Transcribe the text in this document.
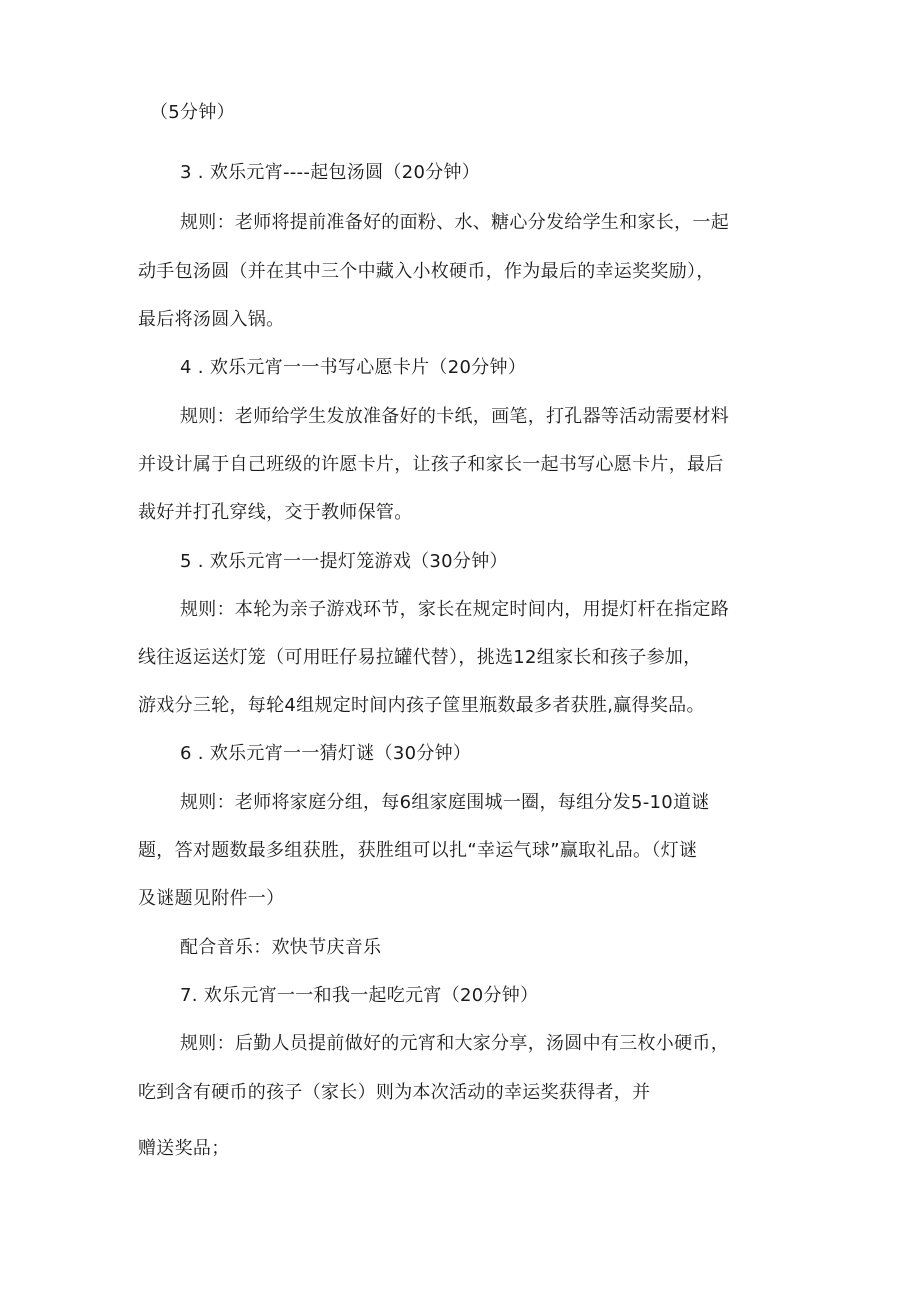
（5分钟）
3 . 欢乐元宵----起包汤圆（20分钟）
规则：老师将提前准备好的面粉、水、糖心分发给学生和家长，一起
动手包汤圆（并在其中三个中藏入小枚硬币，作为最后的幸运奖奖励），
最后将汤圆入锅。
4 . 欢乐元宵一一书写心愿卡片（20分钟）
规则：老师给学生发放准备好的卡纸，画笔，打孔器等活动需要材料
并设计属于自己班级的许愿卡片，让孩子和家长一起书写心愿卡片，最后
裁好并打孔穿线，交于教师保管。
5 . 欢乐元宵一一提灯笼游戏（30分钟）
规则：本轮为亲子游戏环节，家长在规定时间内，用提灯杆在指定路
线往返运送灯笼（可用旺仔易拉罐代替），挑选12组家长和孩子参加，
游戏分三轮，每轮4组规定时间内孩子筐里瓶数最多者获胜,赢得奖品。
6 . 欢乐元宵一一猜灯谜（30分钟）
规则：老师将家庭分组，每6组家庭围城一圈，每组分发5-10道谜
题，答对题数最多组获胜，获胜组可以扎“幸运气球”赢取礼品。（灯谜
及谜题见附件一）
配合音乐：欢快节庆音乐
7. 欢乐元宵一一和我一起吃元宵（20分钟）
规则：后勤人员提前做好的元宵和大家分享，汤圆中有三枚小硬币，
吃到含有硬币的孩子（家长）则为本次活动的幸运奖获得者，并
赠送奖品；
